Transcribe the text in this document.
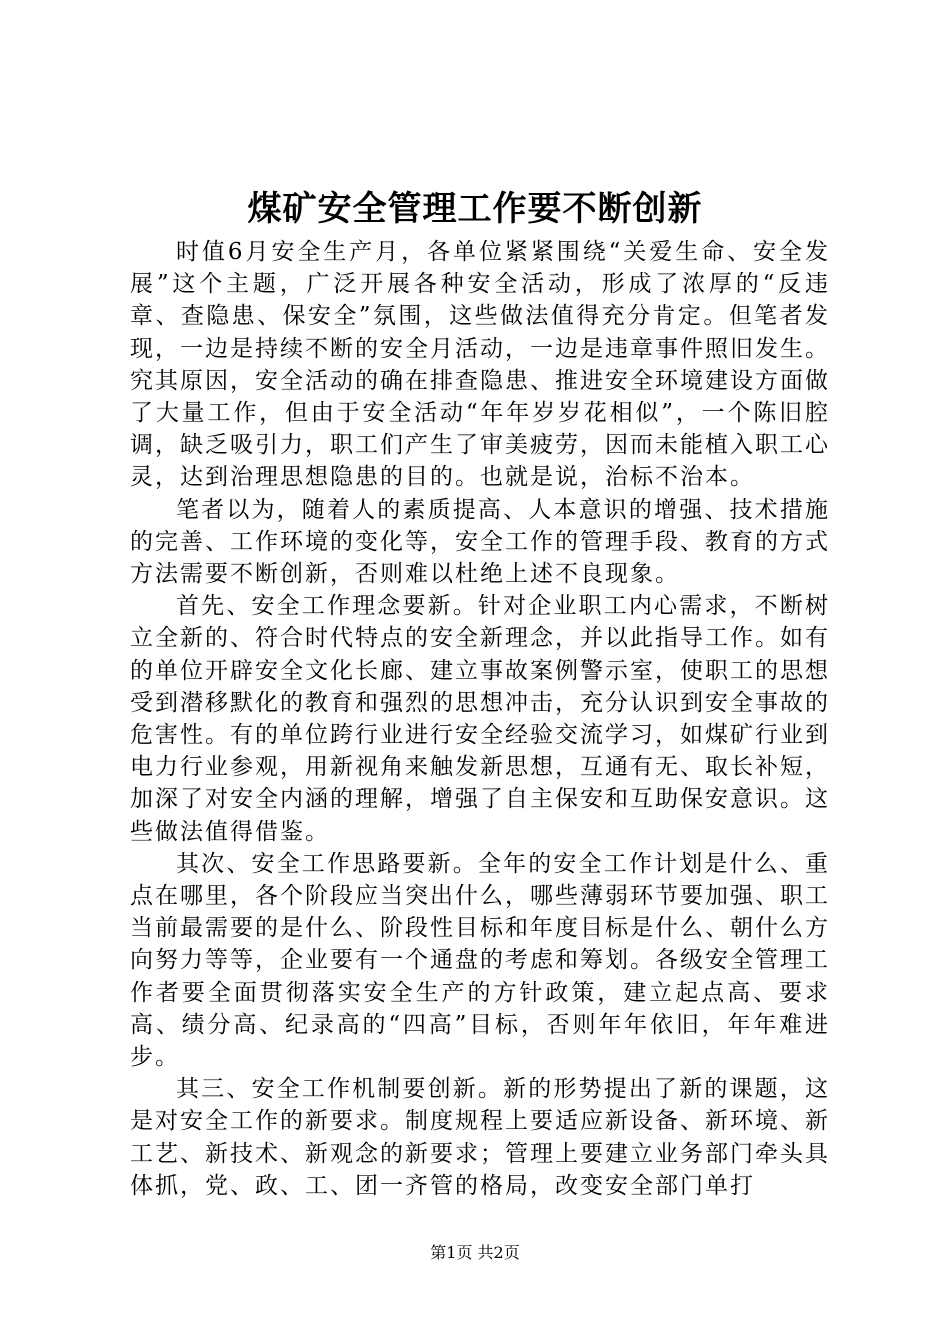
煤矿安全管理工作要不断创新

时值6月安全生产月，各单位紧紧围绕“关爱生命、安全发展”这个主题，广泛开展各种安全活动，形成了浓厚的“反违章、查隐患、保安全”氛围，这些做法值得充分肯定。但笔者发现，一边是持续不断的安全月活动，一边是违章事件照旧发生。究其原因，安全活动的确在排查隐患、推进安全环境建设方面做了大量工作，但由于安全活动“年年岁岁花相似”，一个陈旧腔调，缺乏吸引力，职工们产生了审美疲劳，因而未能植入职工心灵，达到治理思想隐患的目的。也就是说，治标不治本。

笔者以为，随着人的素质提高、人本意识的增强、技术措施的完善、工作环境的变化等，安全工作的管理手段、教育的方式方法需要不断创新，否则难以杜绝上述不良现象。

首先、安全工作理念要新。针对企业职工内心需求，不断树立全新的、符合时代特点的安全新理念，并以此指导工作。如有的单位开辟安全文化长廊、建立事故案例警示室，使职工的思想受到潜移默化的教育和强烈的思想冲击，充分认识到安全事故的危害性。有的单位跨行业进行安全经验交流学习，如煤矿行业到电力行业参观，用新视角来触发新思想，互通有无、取长补短，加深了对安全内涵的理解，增强了自主保安和互助保安意识。这些做法值得借鉴。

其次、安全工作思路要新。全年的安全工作计划是什么、重点在哪里，各个阶段应当突出什么，哪些薄弱环节要加强、职工当前最需要的是什么、阶段性目标和年度目标是什么、朝什么方向努力等等，企业要有一个通盘的考虑和筹划。各级安全管理工作者要全面贯彻落实安全生产的方针政策，建立起点高、要求高、绩分高、纪录高的“四高”目标，否则年年依旧，年年难进步。

其三、安全工作机制要创新。新的形势提出了新的课题，这是对安全工作的新要求。制度规程上要适应新设备、新环境、新工艺、新技术、新观念的新要求；管理上要建立业务部门牵头具体抓，党、政、工、团一齐管的格局，改变安全部门单打

第1页 共2页
